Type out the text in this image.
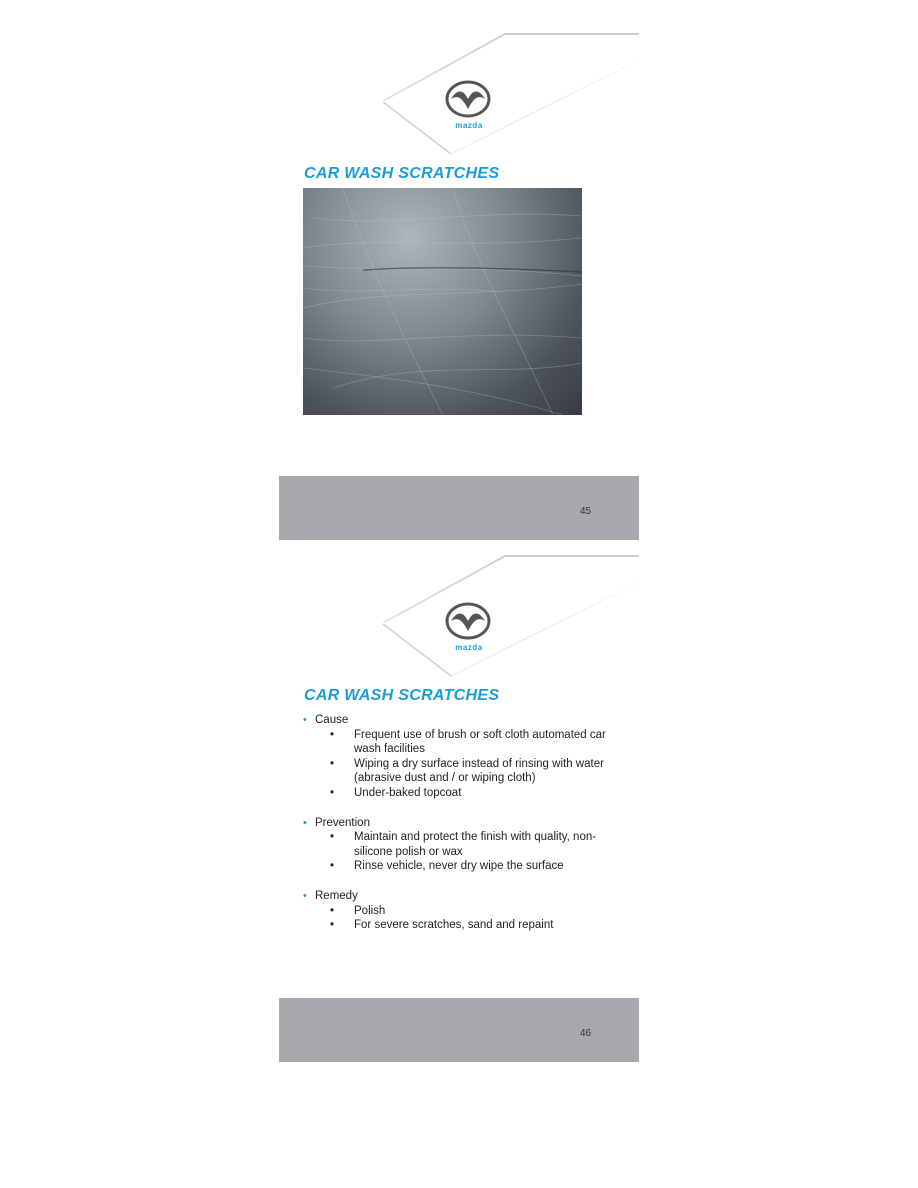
mazda
CAR WASH SCRATCHES
45
mazda
CAR WASH SCRATCHES
• Cause
• Frequent use of brush or soft cloth automated car wash facilities
• Wiping a dry surface instead of rinsing with water (abrasive dust and / or wiping cloth)
• Under-baked topcoat
• Prevention
• Maintain and protect the finish with quality, non-silicone polish or wax
• Rinse vehicle, never dry wipe the surface
• Remedy
• Polish
• For severe scratches, sand and repaint
46
